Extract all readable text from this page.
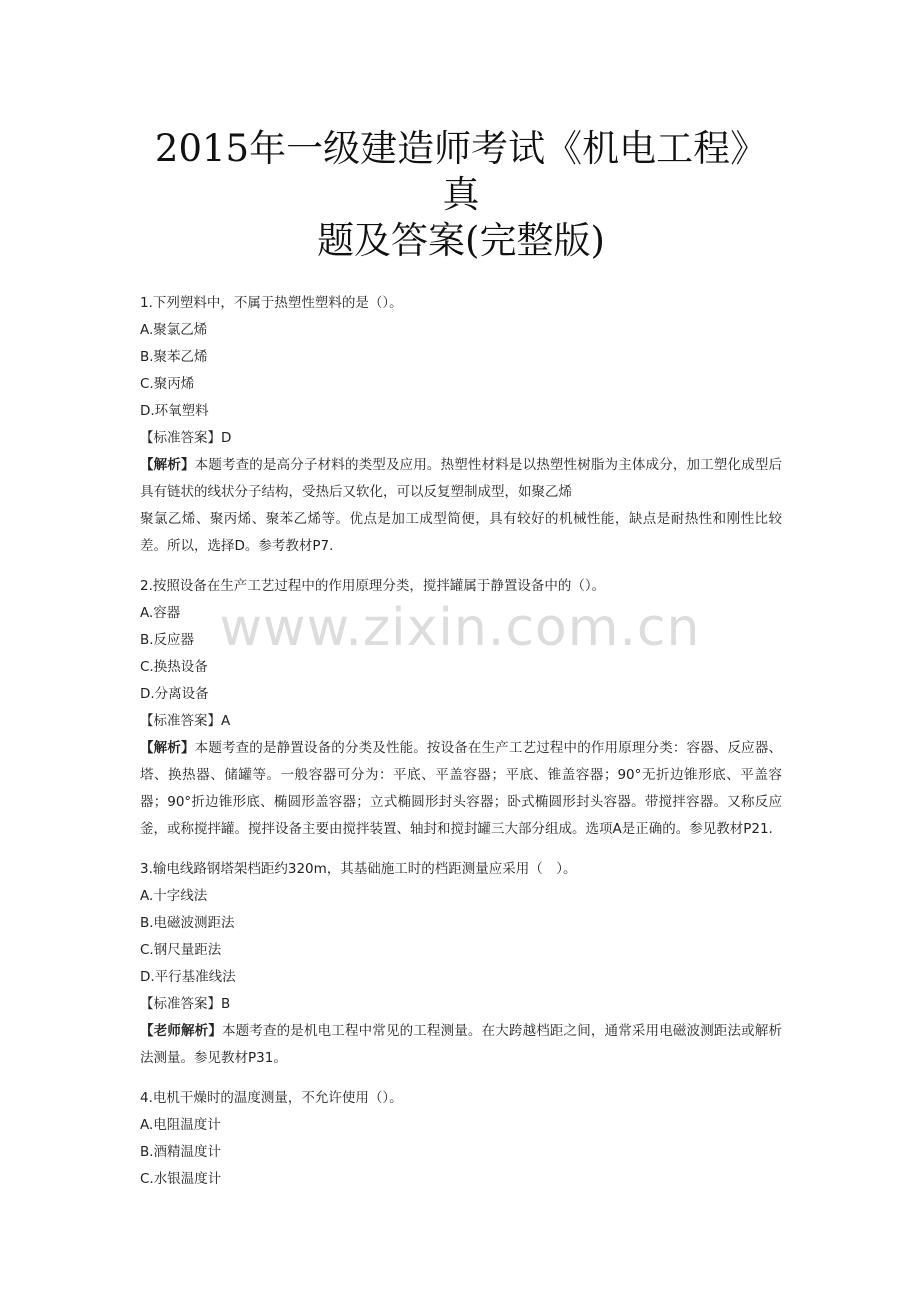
2015年一级建造师考试《机电工程》真
题及答案(完整版)

1.下列塑料中，不属于热塑性塑料的是（）。

A.聚氯乙烯

B.聚苯乙烯

C.聚丙烯

D.环氧塑料

【标准答案】D

【解析】本题考查的是高分子材料的类型及应用。热塑性材料是以热塑性树脂为主体成分，加工塑化成型后具有链状的线状分子结构，受热后又软化，可以反复塑制成型，如聚乙烯

聚氯乙烯、聚丙烯、聚苯乙烯等。优点是加工成型简便，具有较好的机械性能，缺点是耐热性和刚性比较差。所以，选择D。参考教材P7.

2.按照设备在生产工艺过程中的作用原理分类，搅拌罐属于静置设备中的（）。

A.容器

B.反应器

C.换热设备

D.分离设备

【标准答案】A

【解析】本题考查的是静置设备的分类及性能。按设备在生产工艺过程中的作用原理分类：容器、反应器、塔、换热器、储罐等。一般容器可分为：平底、平盖容器；平底、锥盖容器；90°无折边锥形底、平盖容器；90°折边锥形底、椭圆形盖容器；立式椭圆形封头容器；卧式椭圆形封头容器。带搅拌容器。又称反应釜，或称搅拌罐。搅拌设备主要由搅拌装置、轴封和搅封罐三大部分组成。选项A是正确的。参见教材P21.

3.输电线路钢塔架档距约320m，其基础施工时的档距测量应采用（　）。

A.十字线法

B.电磁波测距法

C.钢尺量距法

D.平行基准线法

【标准答案】B

【老师解析】本题考查的是机电工程中常见的工程测量。在大跨越档距之间，通常采用电磁波测距法或解析法测量。参见教材P31。

4.电机干燥时的温度测量，不允许使用（）。

A.电阻温度计

B.酒精温度计

C.水银温度计

www.zixin.com.cn
